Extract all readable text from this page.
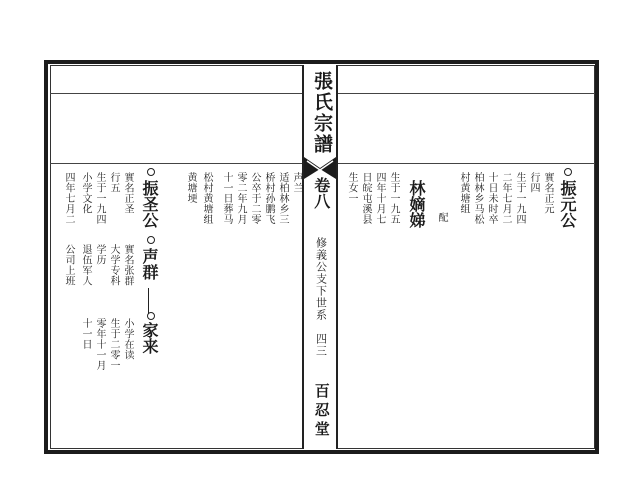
張氏宗譜
卷八
修義公支下世系　四三
百忍堂
振元公
實名正元
行四
生于一九四
二年七月二
十日未时卒
柏林乡马松
村黄塘组
配
林嫡娣
生于一九五
四年十月七
日皖屯溪县
生女一
声兰
适柏林乡三
桥村孙鹏飞
公卒于二零
零二年九月
十一日葬马
松村黄塘组
黄塘埂
振圣公
實名正圣
行五
生于一九四
小学文化
四年七月二
声群
實名张群
大学专科
学历
退伍军人
公司上班
家来
小学在读
生于二零一
零年十一月
十一日
